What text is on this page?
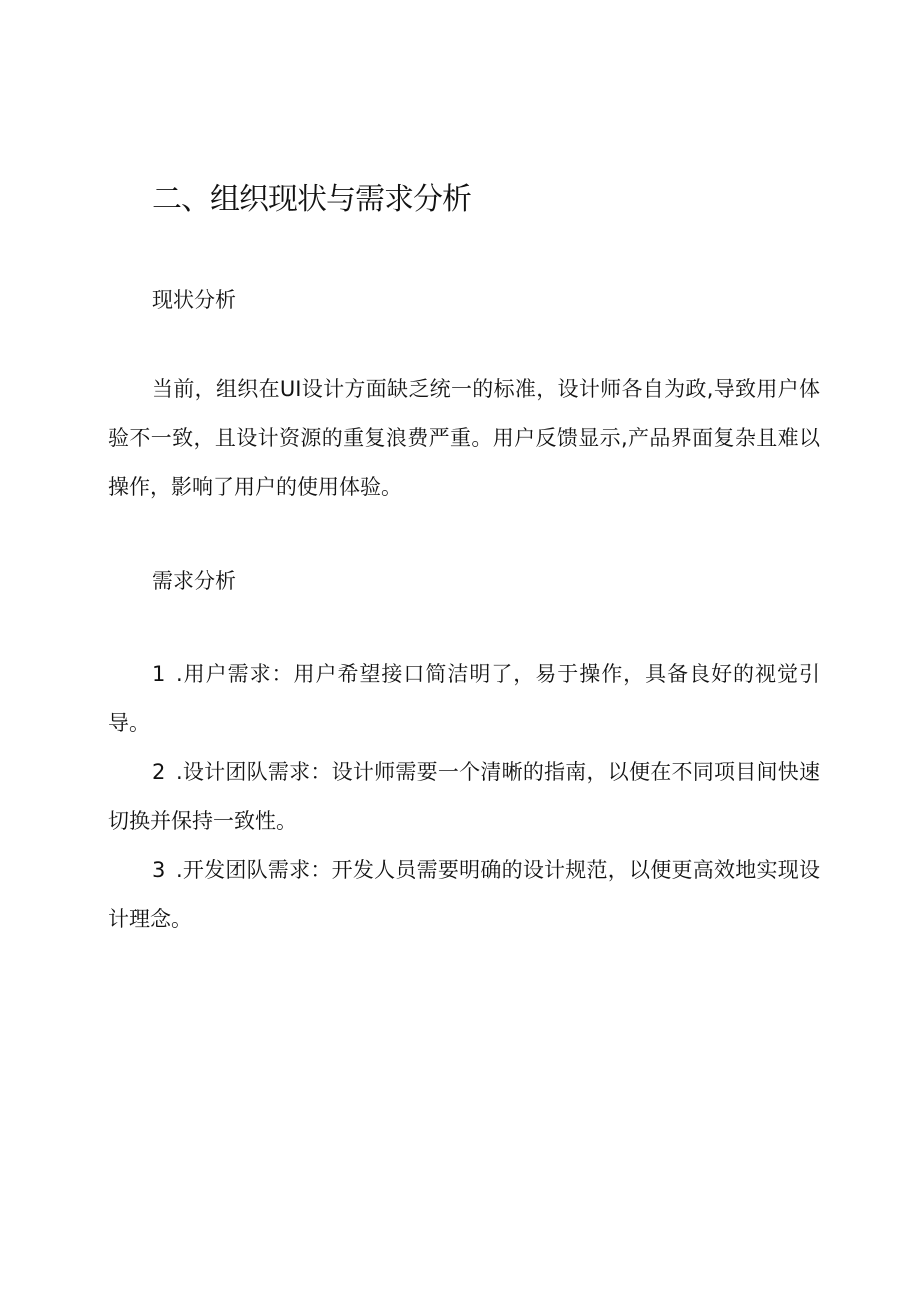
二、组织现状与需求分析
现状分析

当前，组织在UI设计方面缺乏统一的标准，设计师各自为政,导致用户体验不一致，且设计资源的重复浪费严重。用户反馈显示,产品界面复杂且难以操作，影响了用户的使用体验。

需求分析

1 .用户需求：用户希望接口简洁明了，易于操作，具备良好的视觉引导。

2 .设计团队需求：设计师需要一个清晰的指南，以便在不同项目间快速切换并保持一致性。

3 .开发团队需求：开发人员需要明确的设计规范，以便更高效地实现设计理念。
